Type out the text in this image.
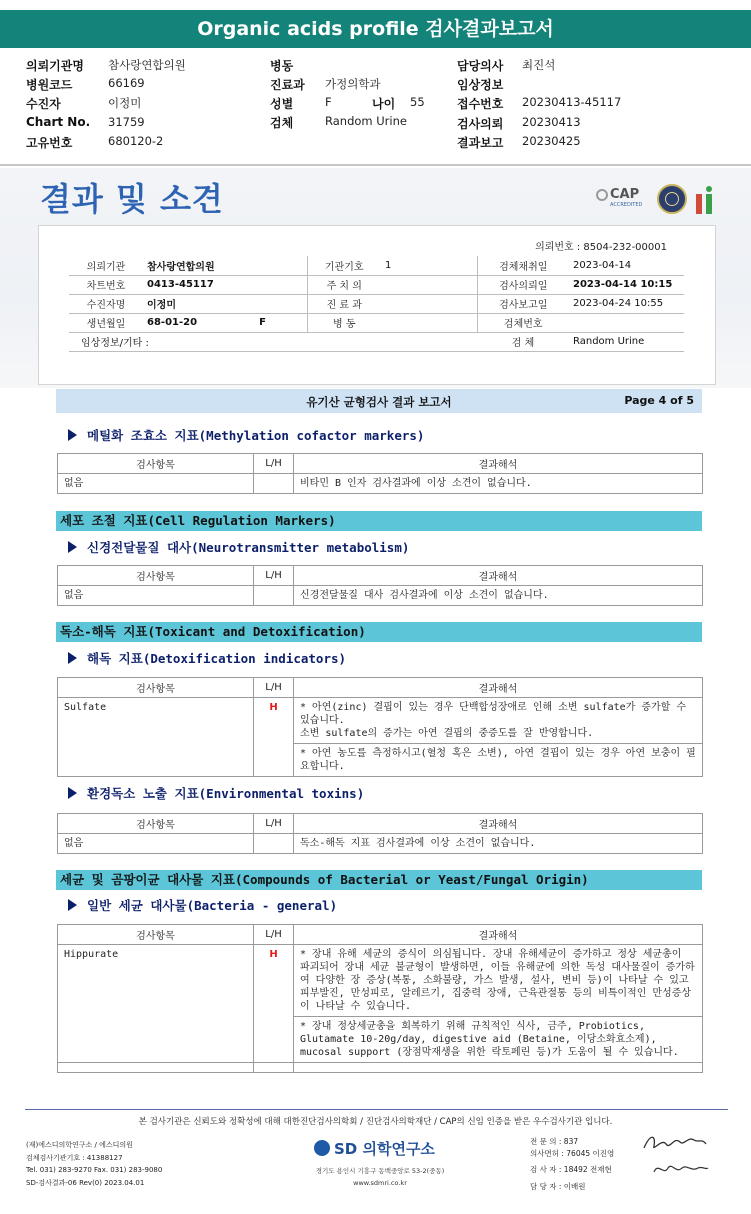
Organic acids profile 검사결과보고서
의뢰기관명 참사랑연합의원
병원코드	66169
수진자	이정미
Chart No. 31759
고유번호	680120-2
병동
진료과 가정의학과
성별	F	나이 55
검체	Random Urine
담당의사 최진석
임상정보
접수번호 20230413-45117
검사의뢰 20230413
결과보고 20230425
결과 및 소견	CAP
ACCREDITED
의뢰번호 : 8504-232-00001
의뢰기관	참사랑연합의원	기관기호	1	검체채취일	2023-04-14
차트번호	0413-45117	주 치 의		검사의뢰일	2023-04-14 10:15
수진자명	이정미	진 료 과		검사보고일	2023-04-24 10:55
생년월일	68-01-20 F	병 동		검체번호	
임상정보/기타 :				검 체	Random Urine
유기산 균형검사 결과 보고서	Page 4 of 5
메틸화 조효소 지표(Methylation cofactor markers)
검사항목	L/H	결과해석
없음		비타민 B 인자 검사결과에 이상 소견이 없습니다.
세포 조절 지표(Cell Regulation Markers)
신경전달물질 대사(Neurotransmitter metabolism)
검사항목	L/H	결과해석
없음		신경전달물질 대사 검사결과에 이상 소견이 없습니다.
독소-해독 지표(Toxicant and Detoxification)
해독 지표(Detoxification indicators)
검사항목	L/H	결과해석
Sulfate	H	* 아연(zinc) 결핍이 있는 경우 단백합성장애로 인해 소변 sulfate가 증가할 수 있습니다.
소변 sulfate의 증가는 아연 결핍의 중증도를 잘 반영합니다.

		* 아연 농도를 측정하시고(혈청 혹은 소변), 아연 결핍이 있는 경우 아연 보충이 필요합니다.
환경독소 노출 지표(Environmental toxins)
검사항목	L/H	결과해석
없음		독소-해독 지표 검사결과에 이상 소견이 없습니다.
세균 및 곰팡이균 대사물 지표(Compounds of Bacterial or Yeast/Fungal Origin)
일반 세균 대사물(Bacteria - general)
검사항목	L/H	결과해석
Hippurate	H	* 장내 유해 세균의 증식이 의심됩니다. 장내 유해세균이 증가하고 정상 세균총이 파괴되어 장내 세균 불균형이 발생하면, 이들 유해균에 의한 독성 대사물질이 증가하여 다양한 장 증상(복통, 소화불량, 가스 발생, 설사, 변비 등)이 나타날 수 있고 피부발진, 만성피로, 알레르기, 집중력 장애, 근육관절통 등의 비특이적인 만성증상이 나타날 수 있습니다.
		* 장내 정상세균총을 회복하기 위해 규칙적인 식사, 금주, Probiotics, Glutamate 10-20g/day, digestive aid (Betaine, 이당소화효소제), mucosal support (장점막재생을 위한 락토페린 등)가 도움이 될 수 있습니다.

본 검사기관은 신뢰도와 정확성에 대해 대한진단검사의학회 / 진단검사의학재단 / CAP의 신임 인증을 받은 우수검사기관 입니다.
(재)에스디의학연구소 / 에스디의원
검체검사기관기호 : 41388127
Tel. 031) 283-9270 Fax. 031) 283-9080
SD-검사결과-06 Rev(0) 2023.04.01
SD 의학연구소
경기도 용인시 기흥구 동백중앙로 53-2(중동)
www.sdmri.co.kr
전 문 의 : 837
의사면허 : 76045 이진영
검 사 자 : 18492 전재현
담 당 자 : 이배원
